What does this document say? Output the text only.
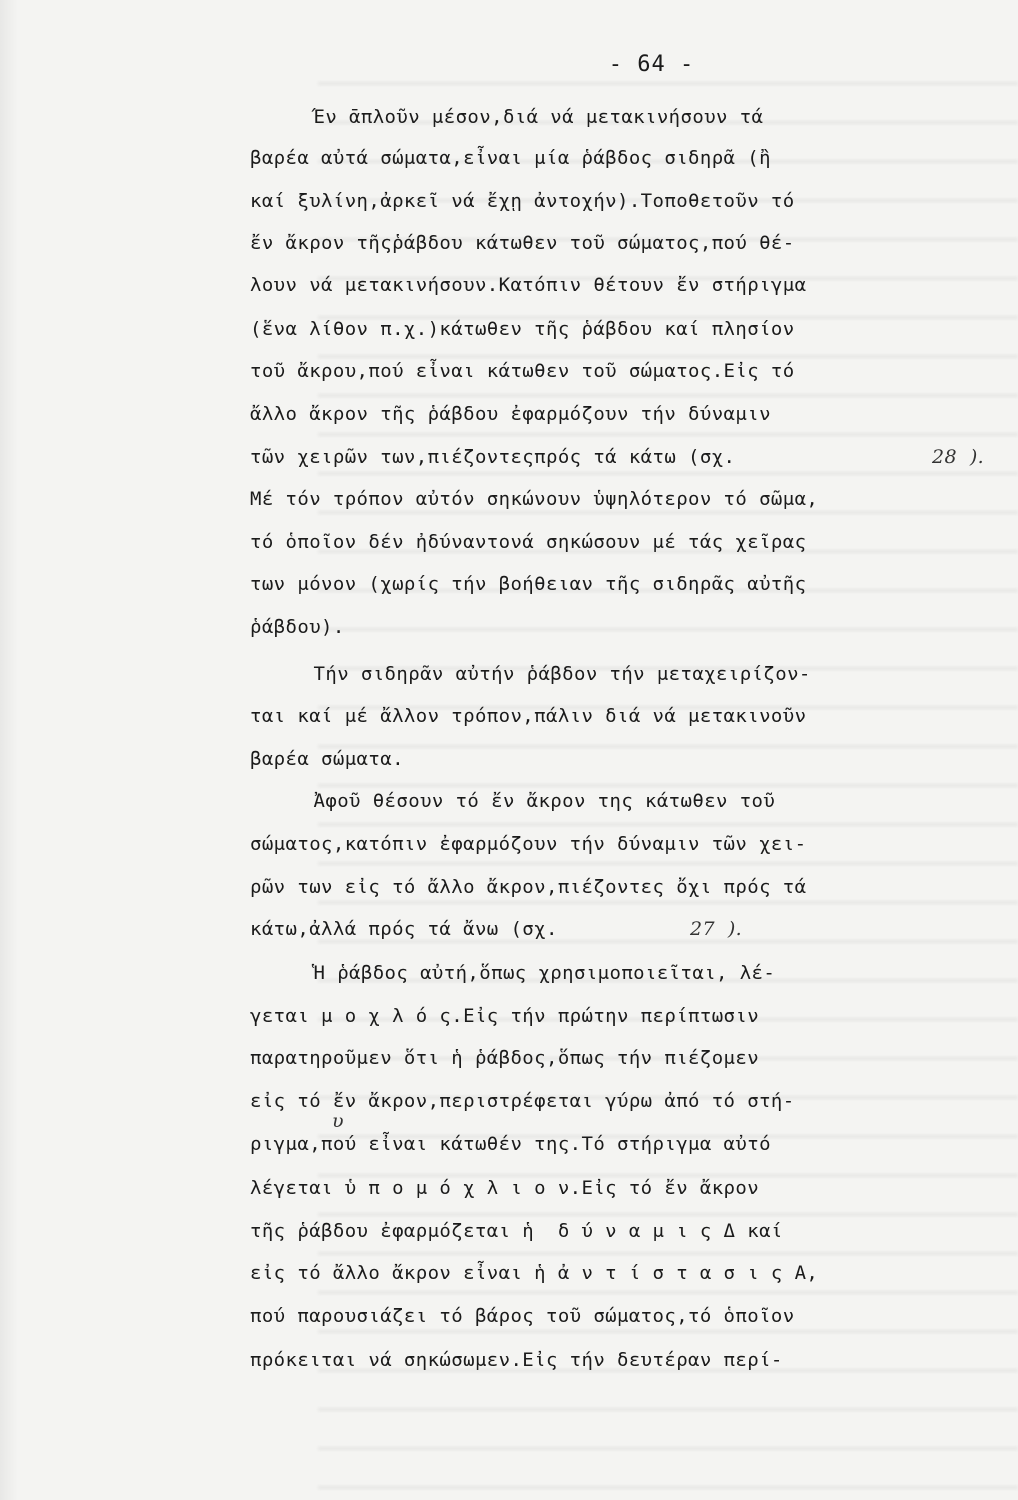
- 64 -
Έν ᾱπλοῦν μέσον,διά νά μετακινήσουν τά
βαρέα αὐτά σώματα,εἶναι μία ῥάβδος σιδηρᾶ (ἢ
καί ξυλίνη,ἀρκεῖ νά ἔχῃ ἀντοχήν).Τοποθετοῦν τό
ἔν ἄκρον τῆςῥάβδου κάτωθεν τοῦ σώματος,πού θέ-
λουν νά μετακινήσουν.Κατόπιν θέτουν ἔν στήριγμα
(ἕνα λίθον π.χ.)κάτωθεν τῆς ῥάβδου καί πλησίον
τοῦ ἄκρου,πού εἶναι κάτωθεν τοῦ σώματος.Εἰς τό
ἄλλο ἄκρον τῆς ῥάβδου ἐφαρμόζουν τήν δύναμιν
τῶν χειρῶν των,πιέζοντεςπρός τά κάτω (σχ.	28  ).
Μέ τόν τρόπον αὐτόν σηκώνουν ὑψηλότερον τό σῶμα,
τό ὁποῖον δέν ἠδύναντονά σηκώσουν μέ τάς χεῖρας
των μόνον (χωρίς τήν βοήθειαν τῆς σιδηρᾶς αὐτῆς
ῥάβδου).
Τήν σιδηρᾶν αὐτήν ῥάβδον τήν μεταχειρίζον-
ται καί μέ ἄλλον τρόπον,πάλιν διά νά μετακινοῦν
βαρέα σώματα.
Ἀφοῦ θέσουν τό ἔν ἄκρον της κάτωθεν τοῦ
σώματος,κατόπιν ἐφαρμόζουν τήν δύναμιν τῶν χει-
ρῶν των εἰς τό ἄλλο ἄκρον,πιέζοντες ὄχι πρός τά
κάτω,ἀλλά πρός τά ἄνω (σχ.	27  ).
Ἡ ῥάβδος αὐτή,ὅπως χρησιμοποιεῖται, λέ-
γεται μ ο χ λ ό ς.Εἰς τήν πρώτην περίπτωσιν
παρατηροῦμεν ὅτι ἡ ῥάβδος,ὅπως τήν πιέζομεν
εἰς τό ἔν ἄκρον,περιστρέφεται γύρω ἀπό τό στή-
υ
ριγμα,πού εἶναι κάτωθέν της.Τό στήριγμα αὐτό
λέγεται ὑ π ο μ ό χ λ ι ο ν.Εἰς τό ἔν ἄκρον
τῆς ῥάβδου ἐφαρμόζεται ἡ  δ ύ ν α μ ι ς Δ καί
εἰς τό ἄλλο ἄκρον εἶναι ἡ ἀ ν τ ί σ τ α σ ι ς Α,
πού παρουσιάζει τό βάρος τοῦ σώματος,τό ὁποῖον
πρόκειται νά σηκώσωμεν.Εἰς τήν δευτέραν περί-
